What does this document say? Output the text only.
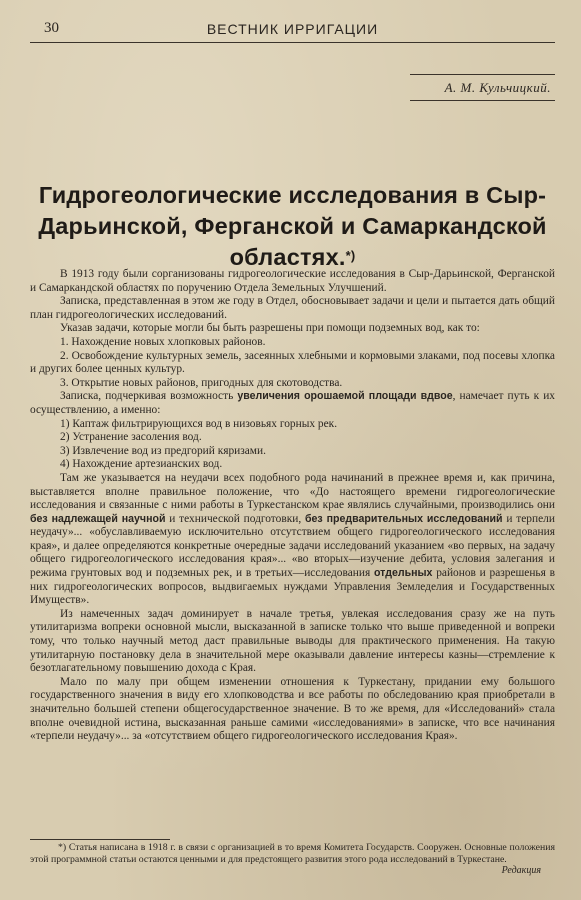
30	ВЕСТНИК ИРРИГАЦИИ
А. М. Кульчицкий.
Гидрогеологические исследования в Сыр-Дарьинской, Ферганской и Самаркандской областях.*)

В 1913 году были сорганизованы гидрогеологические исследования в Сыр-Дарьинской, Ферганской и Самаркандской областях по поручению Отдела Земельных Улучшений.

Записка, представленная в этом же году в Отдел, обосновывает задачи и цели и пытается дать общий план гидрогеологических исследований.

Указав задачи, которые могли бы быть разрешены при помощи подземных вод, как то:

1. Нахождение новых хлопковых районов.

2. Освобождение культурных земель, засеянных хлебными и кормовыми злаками, под посевы хлопка и других более ценных культур.

3. Открытие новых районов, пригодных для скотоводства.

Записка, подчеркивая возможность увеличения орошаемой площади вдвое, намечает путь к их осуществлению, а именно:

1) Каптаж фильтрирующихся вод в низовьях горных рек.

2) Устранение засоления вод.

3) Извлечение вод из предгорий кяризами.

4) Нахождение артезианских вод.

Там же указывается на неудачи всех подобного рода начинаний в прежнее время и, как причина, выставляется вполне правильное положение, что «До настоящего времени гидрогеологические исследования и связанные с ними работы в Туркестанском крае являлись случайными, производились они без надлежащей научной и технической подготовки, без предварительных исследований и терпели неудачу»... «обуславливаемую исключительно отсутствием общего гидрогеологического исследования края», и далее определяются конкретные очередные задачи исследований указанием «во первых, на задачу общего гидрогеологического исследования края»... «во вторых—изучение дебита, условия залегания и режима грунтовых вод и подземных рек, и в третьих—исследования отдельных районов и разрешенья в них гидрогеологических вопросов, выдвигаемых нуждами Управления Земледелия и Государственных Имуществ».

Из намеченных задач доминирует в начале третья, увлекая исследования сразу же на путь утилитаризма вопреки основной мысли, высказанной в записке только что выше приведенной и вопреки тому, что только научный метод даст правильные выводы для практического применения. На такую утилитарную постановку дела в значительной мере оказывали давление интересы казны—стремление к безотлагательному повышению дохода с Края.

Мало по малу при общем изменении отношения к Туркестану, придании ему большого государственного значения в виду его хлопководства и все работы по обследованию края приобретали в значительно большей степени общегосударственное значение. В то же время, для «Исследований» стала вполне очевидной истина, высказанная раньше самими «исследованиями» в записке, что все начинания «терпели неудачу»... за «отсутствием общего гидрогеологического исследования Края».

*) Статья написана в 1918 г. в связи с организацией в то время Комитета Государств. Сооружен. Основные положения этой программной статьи остаются ценными и для предстоящего развития этого рода исследований в Туркестане.

Редакция
